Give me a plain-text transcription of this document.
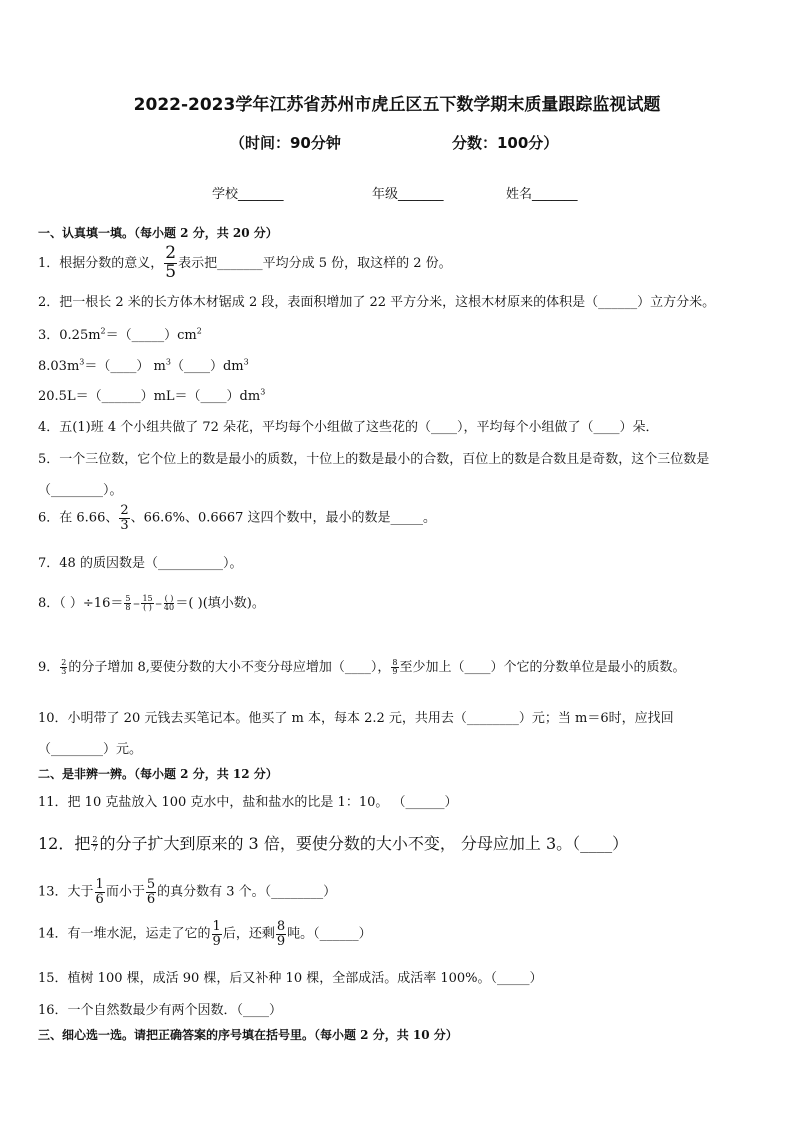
2022-2023学年江苏省苏州市虎丘区五下数学期末质量跟踪监视试题
（时间：90分钟	分数：100分）
学校_______	年级_______	姓名_______
一、认真填一填。（每小题 2 分，共 20 分）
1．根据分数的意义， $\frac{2}{5}$ 表示把_______平均分成 5 份，取这样的 2 份。
2．把一根长 2 米的长方体木材锯成 2 段，表面积增加了 22 平方分米，这根木材原来的体积是（______）立方分米。
3．$0.25m^2=(\_\_\_\_\_)cm^2$
$8.03m^3=(\_\_\_\_)$ $m^3(\_\_\_\_)dm^3$
$20.5L=(\_\_\_\_\_\_)mL=(\_\_\_\_)dm^3$
4．五(1)班 4 个小组共做了 72 朵花，平均每个小组做了这些花的（____），平均每个小组做了（____）朵．
5．一个三位数，它个位上的数是最小的质数，十位上的数是最小的合数，百位上的数是合数且是奇数，这个三位数是
（________）。
6．在 6.66、 $\frac{2}{3}$ 、66.6%、0.6667 这四个数中，最小的数是_____。
7．48 的质因数是（__________）。
8．（ ）$\div 16= \frac{5}{8} = \frac{15}{( )} = \frac{( )}{40}$ ＝( )(填小数)。
9． $\frac{2}{3}$ 的分子增加 8,要使分数的大小不变分母应增加（____）， $\frac{8}{9}$ 至少加上（____）个它的分数单位是最小的质数。
10．小明带了 20 元钱去买笔记本。他买了 m 本，每本 2.2 元，共用去（________）元；当 m＝6时，应找回
（________）元。
二、是非辨一辨。（每小题 2 分，共 12 分）
11．把 10 克盐放入 100 克水中，盐和盐水的比是 1：10。 （______）
12．把 $\frac{2}{7}$ 的分子扩大到原来的 3 倍，要使分数的大小不变， 分母应加上 3。（____）
13．大于 $\frac{1}{6}$ 而小于 $\frac{5}{6}$ 的真分数有 3 个。（________）
14．有一堆水泥，运走了它的 $\frac{1}{9}$ 后，还剩 $\frac{8}{9}$ 吨。（______）
15．植树 100 棵，成活 90 棵，后又补种 10 棵，全部成活。成活率 100%。（_____）
16．一个自然数最少有两个因数．（____）
三、细心选一选。请把正确答案的序号填在括号里。（每小题 2 分，共 10 分）
